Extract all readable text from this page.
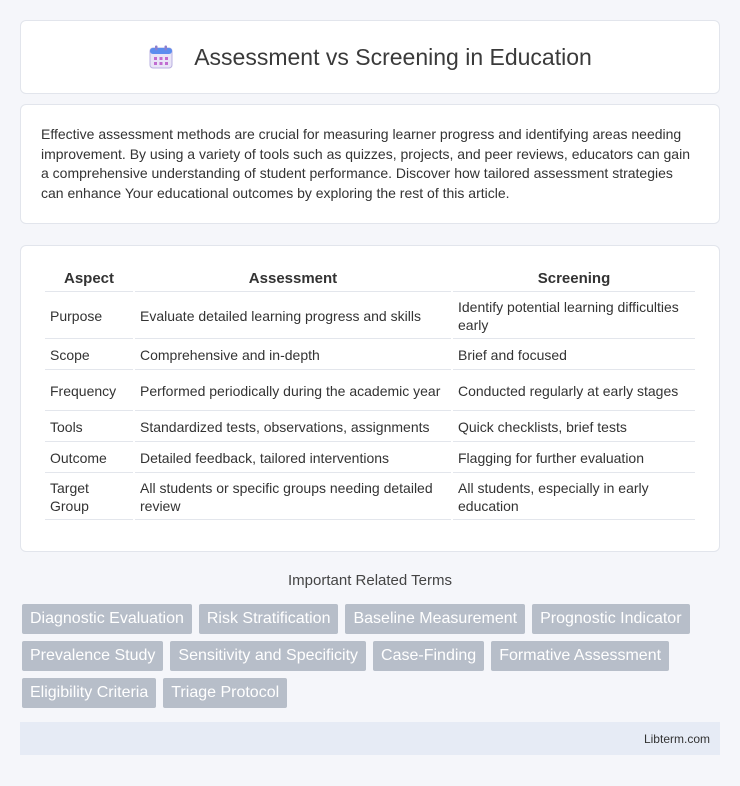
Assessment vs Screening in Education

Effective assessment methods are crucial for measuring learner progress and identifying areas needing improvement. By using a variety of tools such as quizzes, projects, and peer reviews, educators can gain a comprehensive understanding of student performance. Discover how tailored assessment strategies can enhance Your educational outcomes by exploring the rest of this article.

Aspect	Assessment	Screening
Purpose	Evaluate detailed learning progress and skills	Identify potential learning difficulties early
Scope	Comprehensive and in-depth	Brief and focused
Frequency	Performed periodically during the academic year	Conducted regularly at early stages
Tools	Standardized tests, observations, assignments	Quick checklists, brief tests
Outcome	Detailed feedback, tailored interventions	Flagging for further evaluation
Target Group	All students or specific groups needing detailed review	All students, especially in early education
Important Related Terms
Diagnostic Evaluation	Risk Stratification	Baseline Measurement	Prognostic Indicator
Prevalence Study	Sensitivity and Specificity	Case-Finding	Formative Assessment
Eligibility Criteria	Triage Protocol
Libterm.com
